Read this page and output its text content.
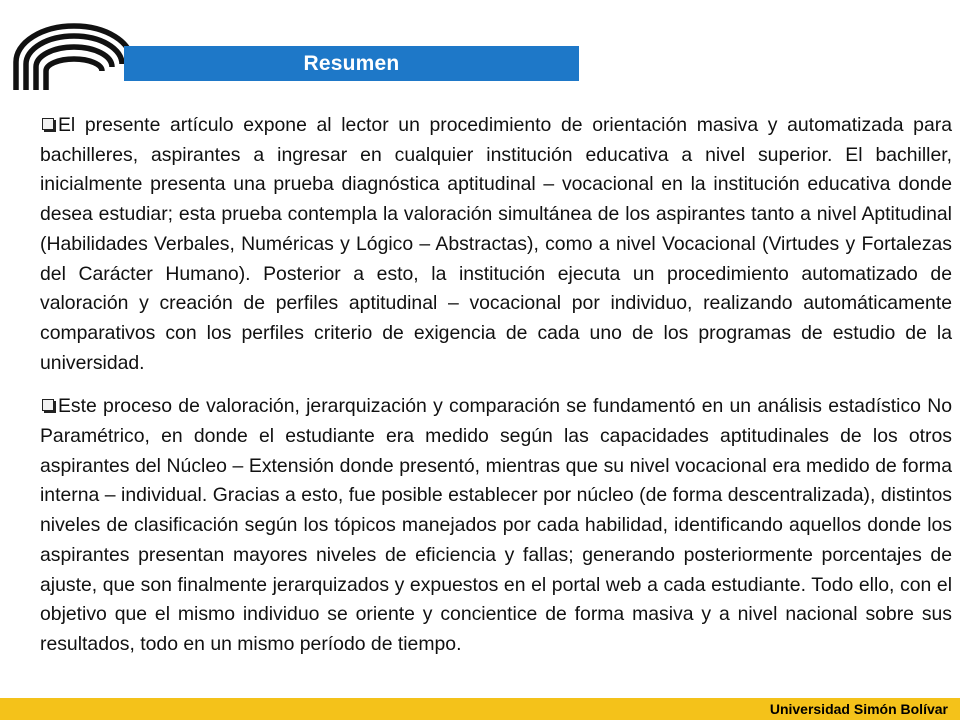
Resumen

El presente artículo expone al lector un procedimiento de orientación masiva y automatizada para bachilleres, aspirantes a ingresar en cualquier institución educativa a nivel superior. El bachiller, inicialmente presenta una prueba diagnóstica aptitudinal – vocacional en la institución educativa donde desea estudiar; esta prueba contempla la valoración simultánea de los aspirantes tanto a nivel Aptitudinal (Habilidades Verbales, Numéricas y Lógico – Abstractas), como a nivel Vocacional (Virtudes y Fortalezas del Carácter Humano). Posterior a esto, la institución ejecuta un procedimiento automatizado de valoración y creación de perfiles aptitudinal – vocacional por individuo, realizando automáticamente comparativos con los perfiles criterio de exigencia de cada uno de los programas de estudio de la universidad.

Este proceso de valoración, jerarquización y comparación se fundamentó en un análisis estadístico No Paramétrico, en donde el estudiante era medido según las capacidades aptitudinales de los otros aspirantes del Núcleo – Extensión donde presentó, mientras que su nivel vocacional era medido de forma interna – individual. Gracias a esto, fue posible establecer por núcleo (de forma descentralizada), distintos niveles de clasificación según los tópicos manejados por cada habilidad, identificando aquellos donde los aspirantes presentan mayores niveles de eficiencia y fallas; generando posteriormente porcentajes de ajuste, que son finalmente jerarquizados y expuestos en el portal web a cada estudiante. Todo ello, con el objetivo que el mismo individuo se oriente y concientice de forma masiva y a nivel nacional sobre sus resultados, todo en un mismo período de tiempo.

Universidad Simón Bolívar
